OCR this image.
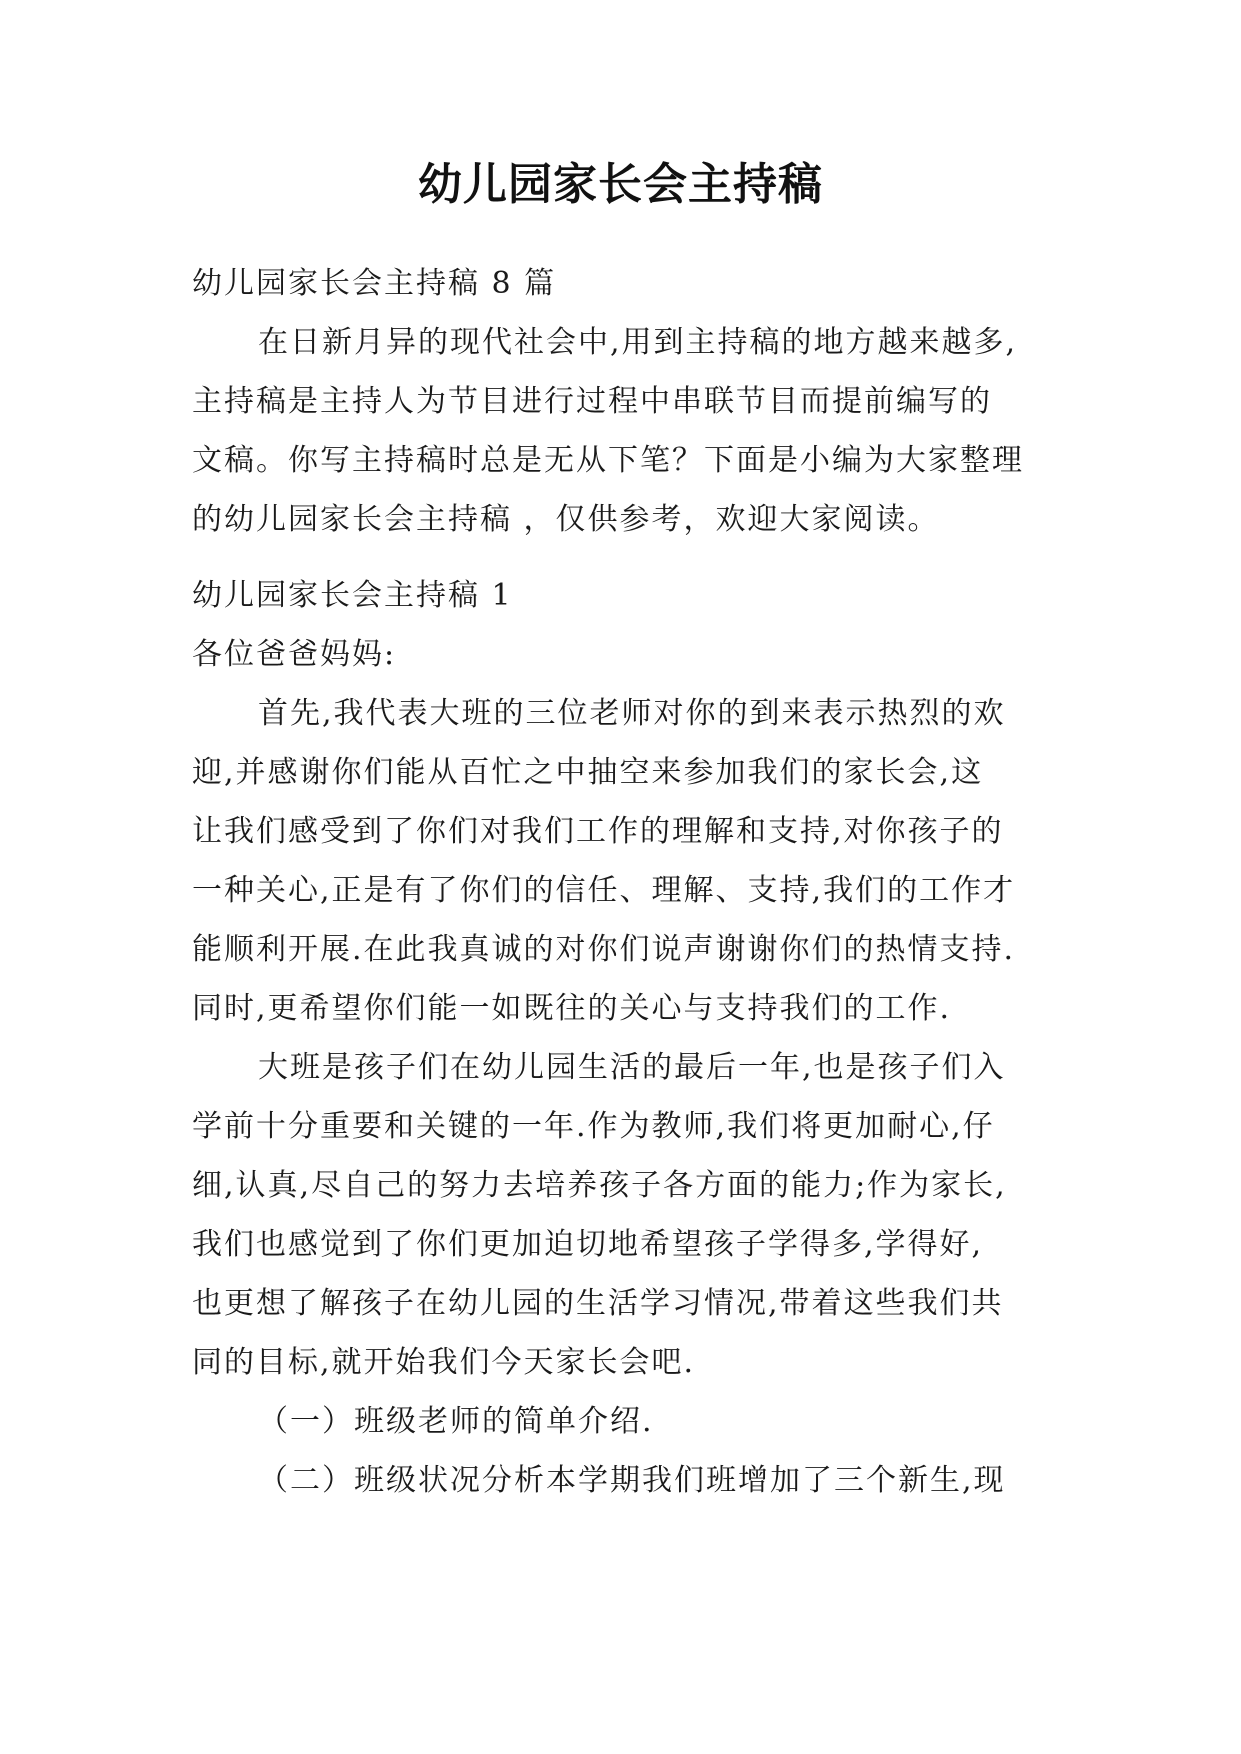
幼儿园家长会主持稿
幼儿园家长会主持稿 8 篇
在日新月异的现代社会中,用到主持稿的地方越来越多,
主持稿是主持人为节目进行过程中串联节目而提前编写的
文稿。你写主持稿时总是无从下笔？下面是小编为大家整理
的幼儿园家长会主持稿 ，仅供参考，欢迎大家阅读。
幼儿园家长会主持稿 1
各位爸爸妈妈:
首先,我代表大班的三位老师对你的到来表示热烈的欢
迎,并感谢你们能从百忙之中抽空来参加我们的家长会,这
让我们感受到了你们对我们工作的理解和支持,对你孩子的
一种关心,正是有了你们的信任、理解、支持,我们的工作才
能顺利开展.在此我真诚的对你们说声谢谢你们的热情支持.
同时,更希望你们能一如既往的关心与支持我们的工作.
大班是孩子们在幼儿园生活的最后一年,也是孩子们入
学前十分重要和关键的一年.作为教师,我们将更加耐心,仔
细,认真,尽自己的努力去培养孩子各方面的能力;作为家长,
我们也感觉到了你们更加迫切地希望孩子学得多,学得好,
也更想了解孩子在幼儿园的生活学习情况,带着这些我们共
同的目标,就开始我们今天家长会吧.
（一）班级老师的简单介绍.
（二）班级状况分析本学期我们班增加了三个新生,现
